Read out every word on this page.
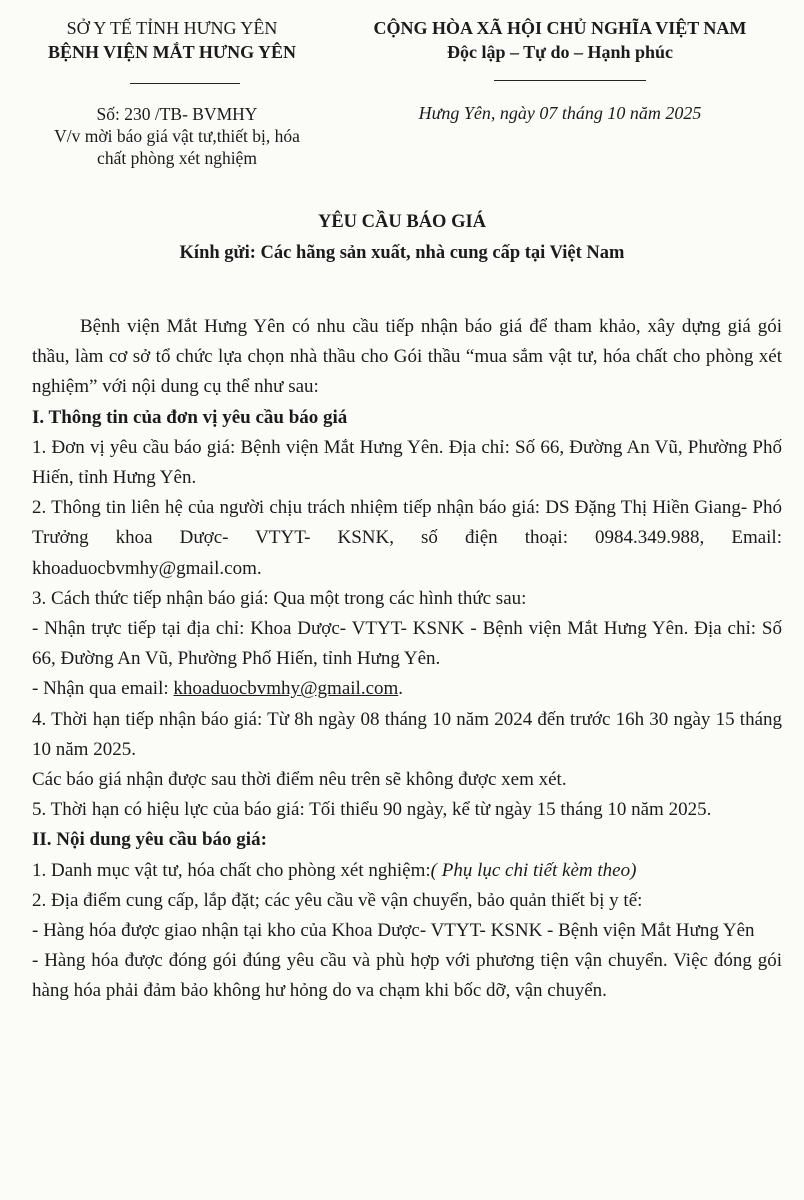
SỞ Y TẾ TỈNH HƯNG YÊN
BỆNH VIỆN MẮT HƯNG YÊN
CỘNG HÒA XÃ HỘI CHỦ NGHĨA VIỆT NAM
Độc lập – Tự do – Hạnh phúc
Số: 230 /TB- BVMHY
V/v mời báo giá vật tư,thiết bị, hóa
chất phòng xét nghiệm
Hưng Yên, ngày 07 tháng 10 năm 2025
YÊU CẦU BÁO GIÁ
Kính gửi: Các hãng sản xuất, nhà cung cấp tại Việt Nam

Bệnh viện Mắt Hưng Yên có nhu cầu tiếp nhận báo giá để tham khảo, xây dựng giá gói thầu, làm cơ sở tổ chức lựa chọn nhà thầu cho Gói thầu “mua sắm vật tư, hóa chất cho phòng xét nghiệm” với nội dung cụ thể như sau:

I. Thông tin của đơn vị yêu cầu báo giá

1. Đơn vị yêu cầu báo giá: Bệnh viện Mắt Hưng Yên. Địa chỉ: Số 66, Đường An Vũ, Phường Phố Hiến, tỉnh Hưng Yên.

2. Thông tin liên hệ của người chịu trách nhiệm tiếp nhận báo giá: DS Đặng Thị Hiền Giang- Phó Trưởng khoa Dược- VTYT- KSNK, số điện thoại: 0984.349.988, Email: khoaduocbvmhy@gmail.com.

3. Cách thức tiếp nhận báo giá: Qua một trong các hình thức sau:

- Nhận trực tiếp tại địa chỉ: Khoa Dược- VTYT- KSNK - Bệnh viện Mắt Hưng Yên. Địa chỉ: Số 66, Đường An Vũ, Phường Phố Hiến, tỉnh Hưng Yên.

- Nhận qua email: khoaduocbvmhy@gmail.com.

4. Thời hạn tiếp nhận báo giá: Từ 8h ngày 08 tháng 10 năm 2024 đến trước 16h 30 ngày 15 tháng 10 năm 2025.

Các báo giá nhận được sau thời điểm nêu trên sẽ không được xem xét.

5. Thời hạn có hiệu lực của báo giá: Tối thiểu 90 ngày, kể từ ngày 15 tháng 10 năm 2025.

II. Nội dung yêu cầu báo giá:

1. Danh mục vật tư, hóa chất cho phòng xét nghiệm:( Phụ lục chi tiết kèm theo)

2. Địa điểm cung cấp, lắp đặt; các yêu cầu về vận chuyển, bảo quản thiết bị y tế:

- Hàng hóa được giao nhận tại kho của Khoa Dược- VTYT- KSNK - Bệnh viện Mắt Hưng Yên

- Hàng hóa được đóng gói đúng yêu cầu và phù hợp với phương tiện vận chuyển. Việc đóng gói hàng hóa phải đảm bảo không hư hỏng do va chạm khi bốc dỡ, vận chuyển.
